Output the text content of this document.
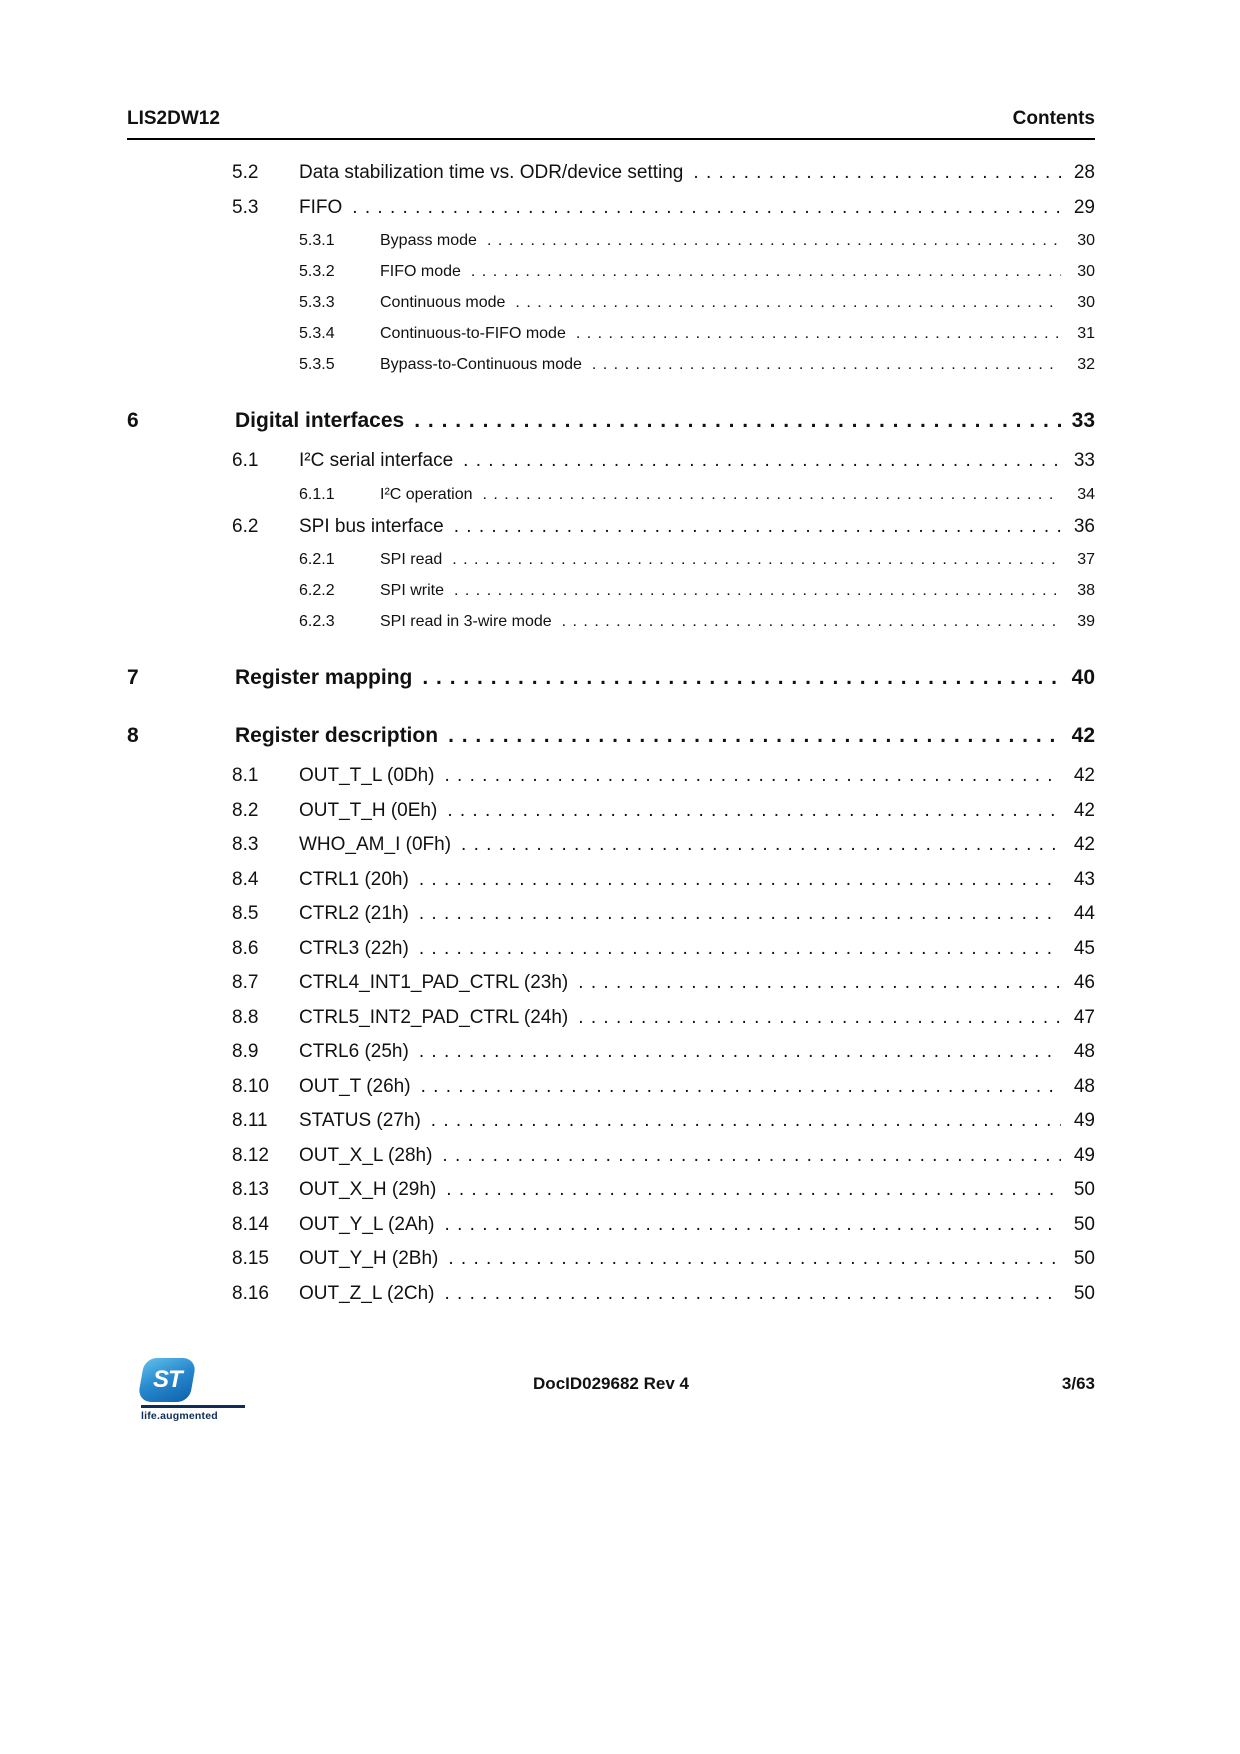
LIS2DW12	Contents
5.2	Data stabilization time vs. ODR/device setting . . .	28
5.3	FIFO . . .	29
5.3.1	Bypass mode . . .	30
5.3.2	FIFO mode . . .	30
5.3.3	Continuous mode . . .	30
5.3.4	Continuous-to-FIFO mode . . .	31
5.3.5	Bypass-to-Continuous mode . . .	32
6	Digital interfaces . . .	33
6.1	I²C serial interface . . .	33
6.1.1	I²C operation . . .	34
6.2	SPI bus interface . . .	36
6.2.1	SPI read . . .	37
6.2.2	SPI write . . .	38
6.2.3	SPI read in 3-wire mode . . .	39
7	Register mapping . . .	40
8	Register description . . .	42
8.1	OUT_T_L (0Dh) . . .	42
8.2	OUT_T_H (0Eh) . . .	42
8.3	WHO_AM_I (0Fh) . . .	42
8.4	CTRL1 (20h) . . .	43
8.5	CTRL2 (21h) . . .	44
8.6	CTRL3 (22h) . . .	45
8.7	CTRL4_INT1_PAD_CTRL (23h) . . .	46
8.8	CTRL5_INT2_PAD_CTRL (24h) . . .	47
8.9	CTRL6 (25h) . . .	48
8.10	OUT_T (26h) . . .	48
8.11	STATUS (27h) . . .	49
8.12	OUT_X_L (28h) . . .	49
8.13	OUT_X_H (29h) . . .	50
8.14	OUT_Y_L (2Ah) . . .	50
8.15	OUT_Y_H (2Bh) . . .	50
8.16	OUT_Z_L (2Ch) . . .	50
ST
life.augmented
DocID029682 Rev 4	3/63
